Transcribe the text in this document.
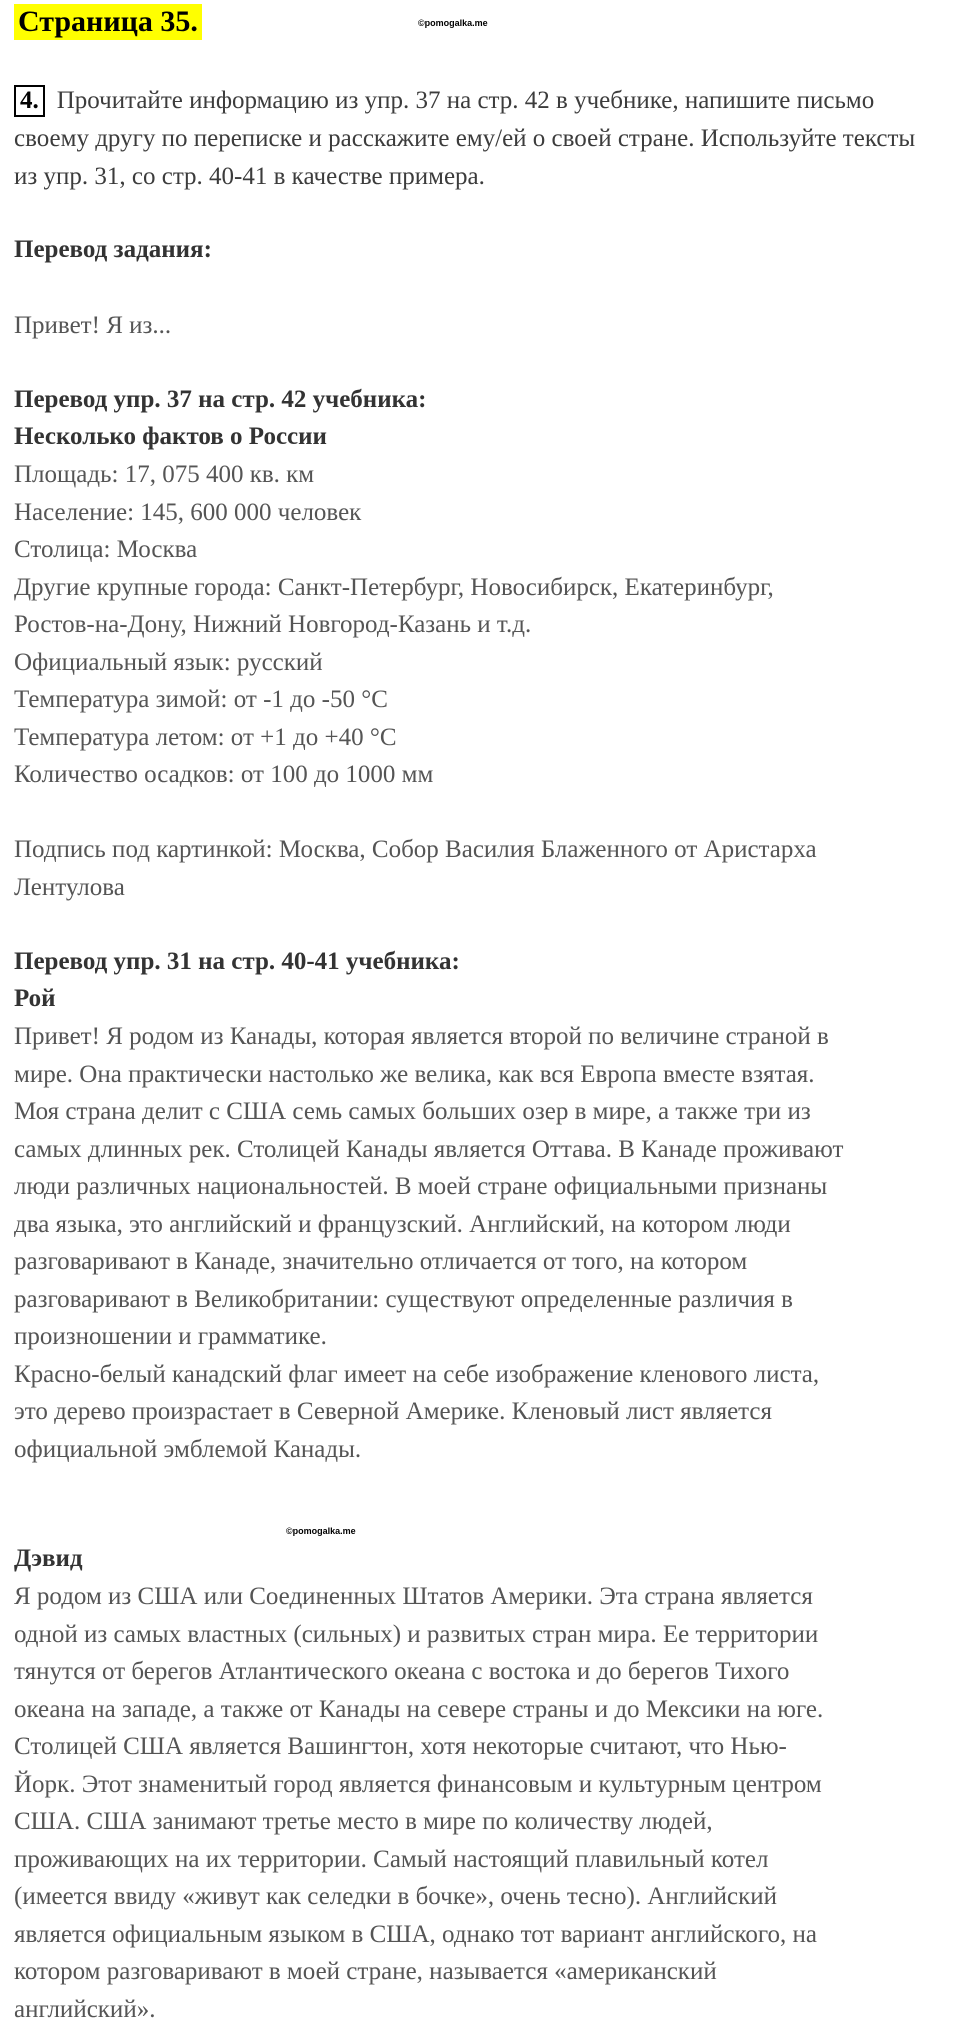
Страница 35.	©pomogalka.me
4. Прочитайте информацию из упр. 37 на стр. 42 в учебнике, напишите письмо своему другу по переписке и расскажите ему/ей о своей стране. Используйте тексты из упр. 31, со стр. 40-41 в качестве примера.
Перевод задания:
Привет! Я из...
Перевод упр. 37 на стр. 42 учебника:
Несколько фактов о России
Площадь: 17, 075 400 кв. км
Население: 145, 600 000 человек
Столица: Москва
Другие крупные города: Санкт-Петербург, Новосибирск, Екатеринбург,
Ростов-на-Дону, Нижний Новгород-Казань и т.д.
Официальный язык: русский
Температура зимой: от -1 до -50 °C
Температура летом: от +1 до +40 °C
Количество осадков: от 100 до 1000 мм
Подпись под картинкой: Москва, Собор Василия Блаженного от Аристарха
Лентулова
Перевод упр. 31 на стр. 40-41 учебника:
Рой
Привет! Я родом из Канады, которая является второй по величине страной в
мире. Она практически настолько же велика, как вся Европа вместе взятая.
Моя страна делит с США семь самых больших озер в мире, а также три из
самых длинных рек. Столицей Канады является Оттава. В Канаде проживают
люди различных национальностей. В моей стране официальными признаны
два языка, это английский и французский. Английский, на котором люди
разговаривают в Канаде, значительно отличается от того, на котором
разговаривают в Великобритании: существуют определенные различия в
произношении и грамматике.
Красно-белый канадский флаг имеет на себе изображение кленового листа,
это дерево произрастает в Северной Америке. Кленовый лист является
официальной эмблемой Канады.
©pomogalka.me
Дэвид
Я родом из США или Соединенных Штатов Америки. Эта страна является
одной из самых властных (сильных) и развитых стран мира. Ее территории
тянутся от берегов Атлантического океана с востока и до берегов Тихого
океана на западе, а также от Канады на севере страны и до Мексики на юге.
Столицей США является Вашингтон, хотя некоторые считают, что Нью-
Йорк. Этот знаменитый город является финансовым и культурным центром
США. США занимают третье место в мире по количеству людей,
проживающих на их территории. Самый настоящий плавильный котел
(имеется ввиду «живут как селедки в бочке», очень тесно). Английский
является официальным языком в США, однако тот вариант английского, на
котором разговаривают в моей стране, называется «американский
английский».
